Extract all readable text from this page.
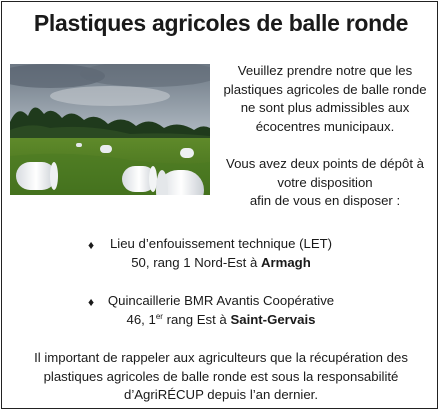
Plastiques agricoles de balle ronde

Veuillez prendre notre que les

plastiques agricoles de balle ronde

ne sont plus admissibles aux

écocentres municipaux.

Vous avez deux points de dépôt à

votre disposition

afin de vous en disposer :

♦	Lieu d’enfouissement technique (LET)
50, rang 1 Nord-Est à Armagh
♦	Quincaillerie BMR Avantis Coopérative
46, 1er rang Est à Saint-Gervais
Il important de rappeler aux agriculteurs que la récupération des
plastiques agricoles de balle ronde est sous la responsabilité
d’AgriRÉCUP depuis l’an dernier.
